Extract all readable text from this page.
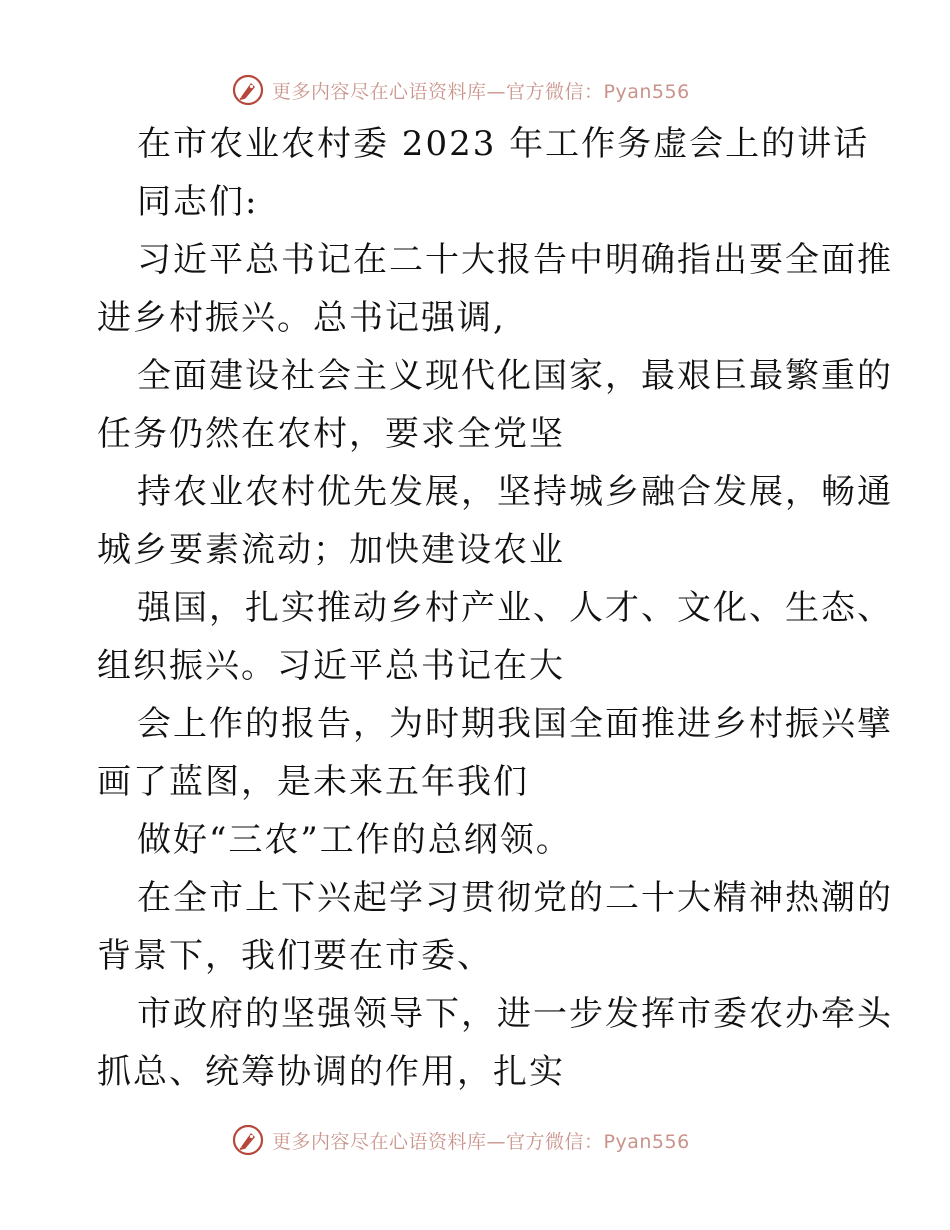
更多内容尽在心语资料库—官方微信：Pyan556
在市农业农村委 2023 年工作务虚会上的讲话
同志们:
习近平总书记在二十大报告中明确指出要全面推
进乡村振兴。总书记强调,
全面建设社会主义现代化国家，最艰巨最繁重的
任务仍然在农村，要求全党坚
持农业农村优先发展，坚持城乡融合发展，畅通
城乡要素流动；加快建设农业
强国，扎实推动乡村产业、人才、文化、生态、
组织振兴。习近平总书记在大
会上作的报告，为时期我国全面推进乡村振兴擘
画了蓝图，是未来五年我们
做好“三农”工作的总纲领。
在全市上下兴起学习贯彻党的二十大精神热潮的
背景下，我们要在市委、
市政府的坚强领导下，进一步发挥市委农办牵头
抓总、统筹协调的作用，扎实
更多内容尽在心语资料库—官方微信：Pyan556
